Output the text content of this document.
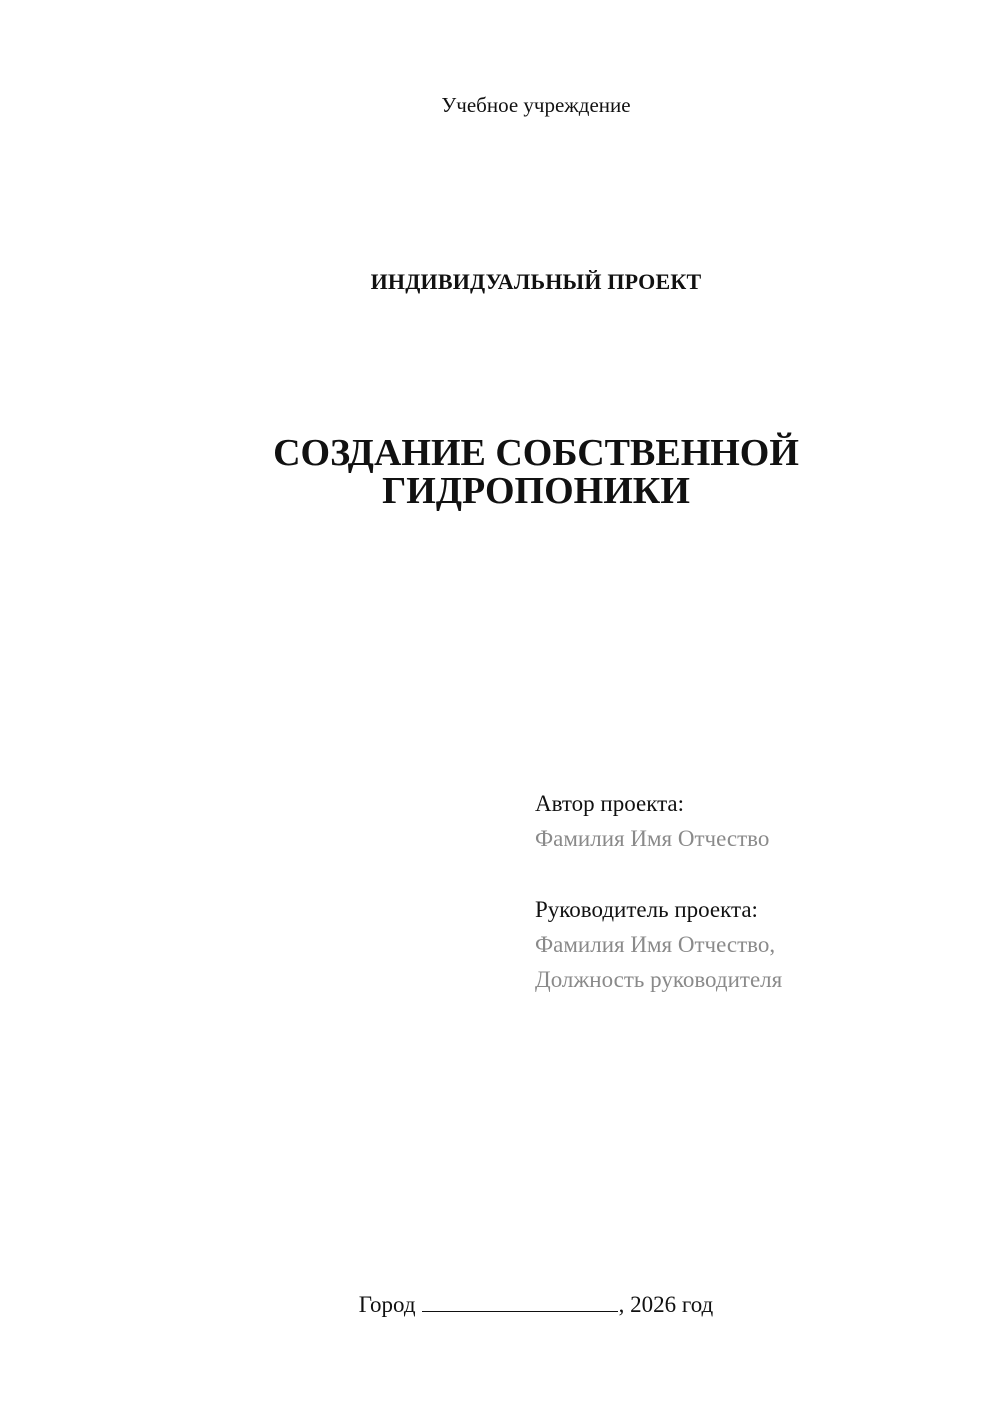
Учебное учреждение
ИНДИВИДУАЛЬНЫЙ ПРОЕКТ
СОЗДАНИЕ СОБСТВЕННОЙ
ГИДРОПОНИКИ
Автор проекта:
Фамилия Имя Отчество
Руководитель проекта:
Фамилия Имя Отчество,
Должность руководителя
Город	, 2026 год
